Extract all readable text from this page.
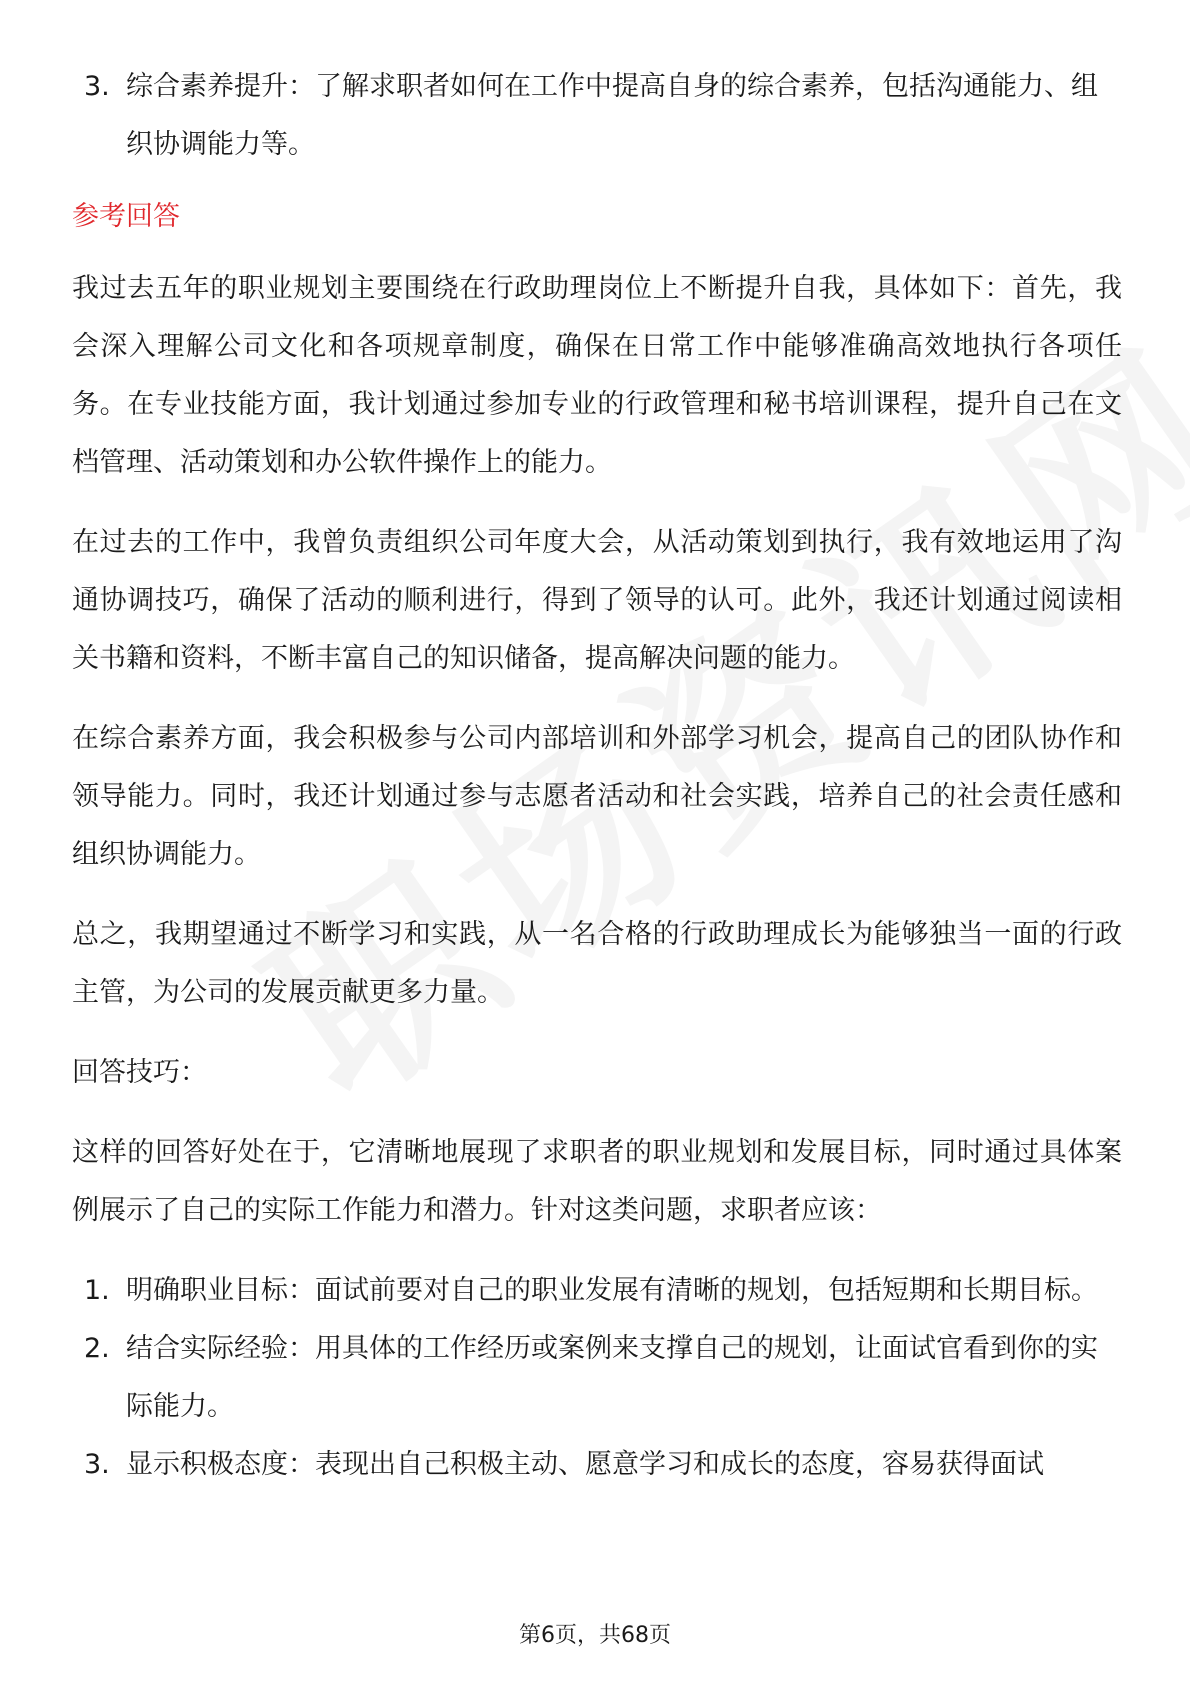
3. 综合素养提升：了解求职者如何在工作中提高自身的综合素养，包括沟通能力、组织协调能力等。
参考回答

我过去五年的职业规划主要围绕在行政助理岗位上不断提升自我，具体如下：首先，我会深入理解公司文化和各项规章制度，确保在日常工作中能够准确高效地执行各项任务。在专业技能方面，我计划通过参加专业的行政管理和秘书培训课程，提升自己在文档管理、活动策划和办公软件操作上的能力。

在过去的工作中，我曾负责组织公司年度大会，从活动策划到执行，我有效地运用了沟通协调技巧，确保了活动的顺利进行，得到了领导的认可。此外，我还计划通过阅读相关书籍和资料，不断丰富自己的知识储备，提高解决问题的能力。

在综合素养方面，我会积极参与公司内部培训和外部学习机会，提高自己的团队协作和领导能力。同时，我还计划通过参与志愿者活动和社会实践，培养自己的社会责任感和组织协调能力。

总之，我期望通过不断学习和实践，从一名合格的行政助理成长为能够独当一面的行政主管，为公司的发展贡献更多力量。

回答技巧：

这样的回答好处在于，它清晰地展现了求职者的职业规划和发展目标，同时通过具体案例展示了自己的实际工作能力和潜力。针对这类问题，求职者应该：

1. 明确职业目标：面试前要对自己的职业发展有清晰的规划，包括短期和长期目标。
2. 结合实际经验：用具体的工作经历或案例来支撑自己的规划，让面试官看到你的实际能力。
3. 显示积极态度：表现出自己积极主动、愿意学习和成长的态度，容易获得面试
第6页，共68页
